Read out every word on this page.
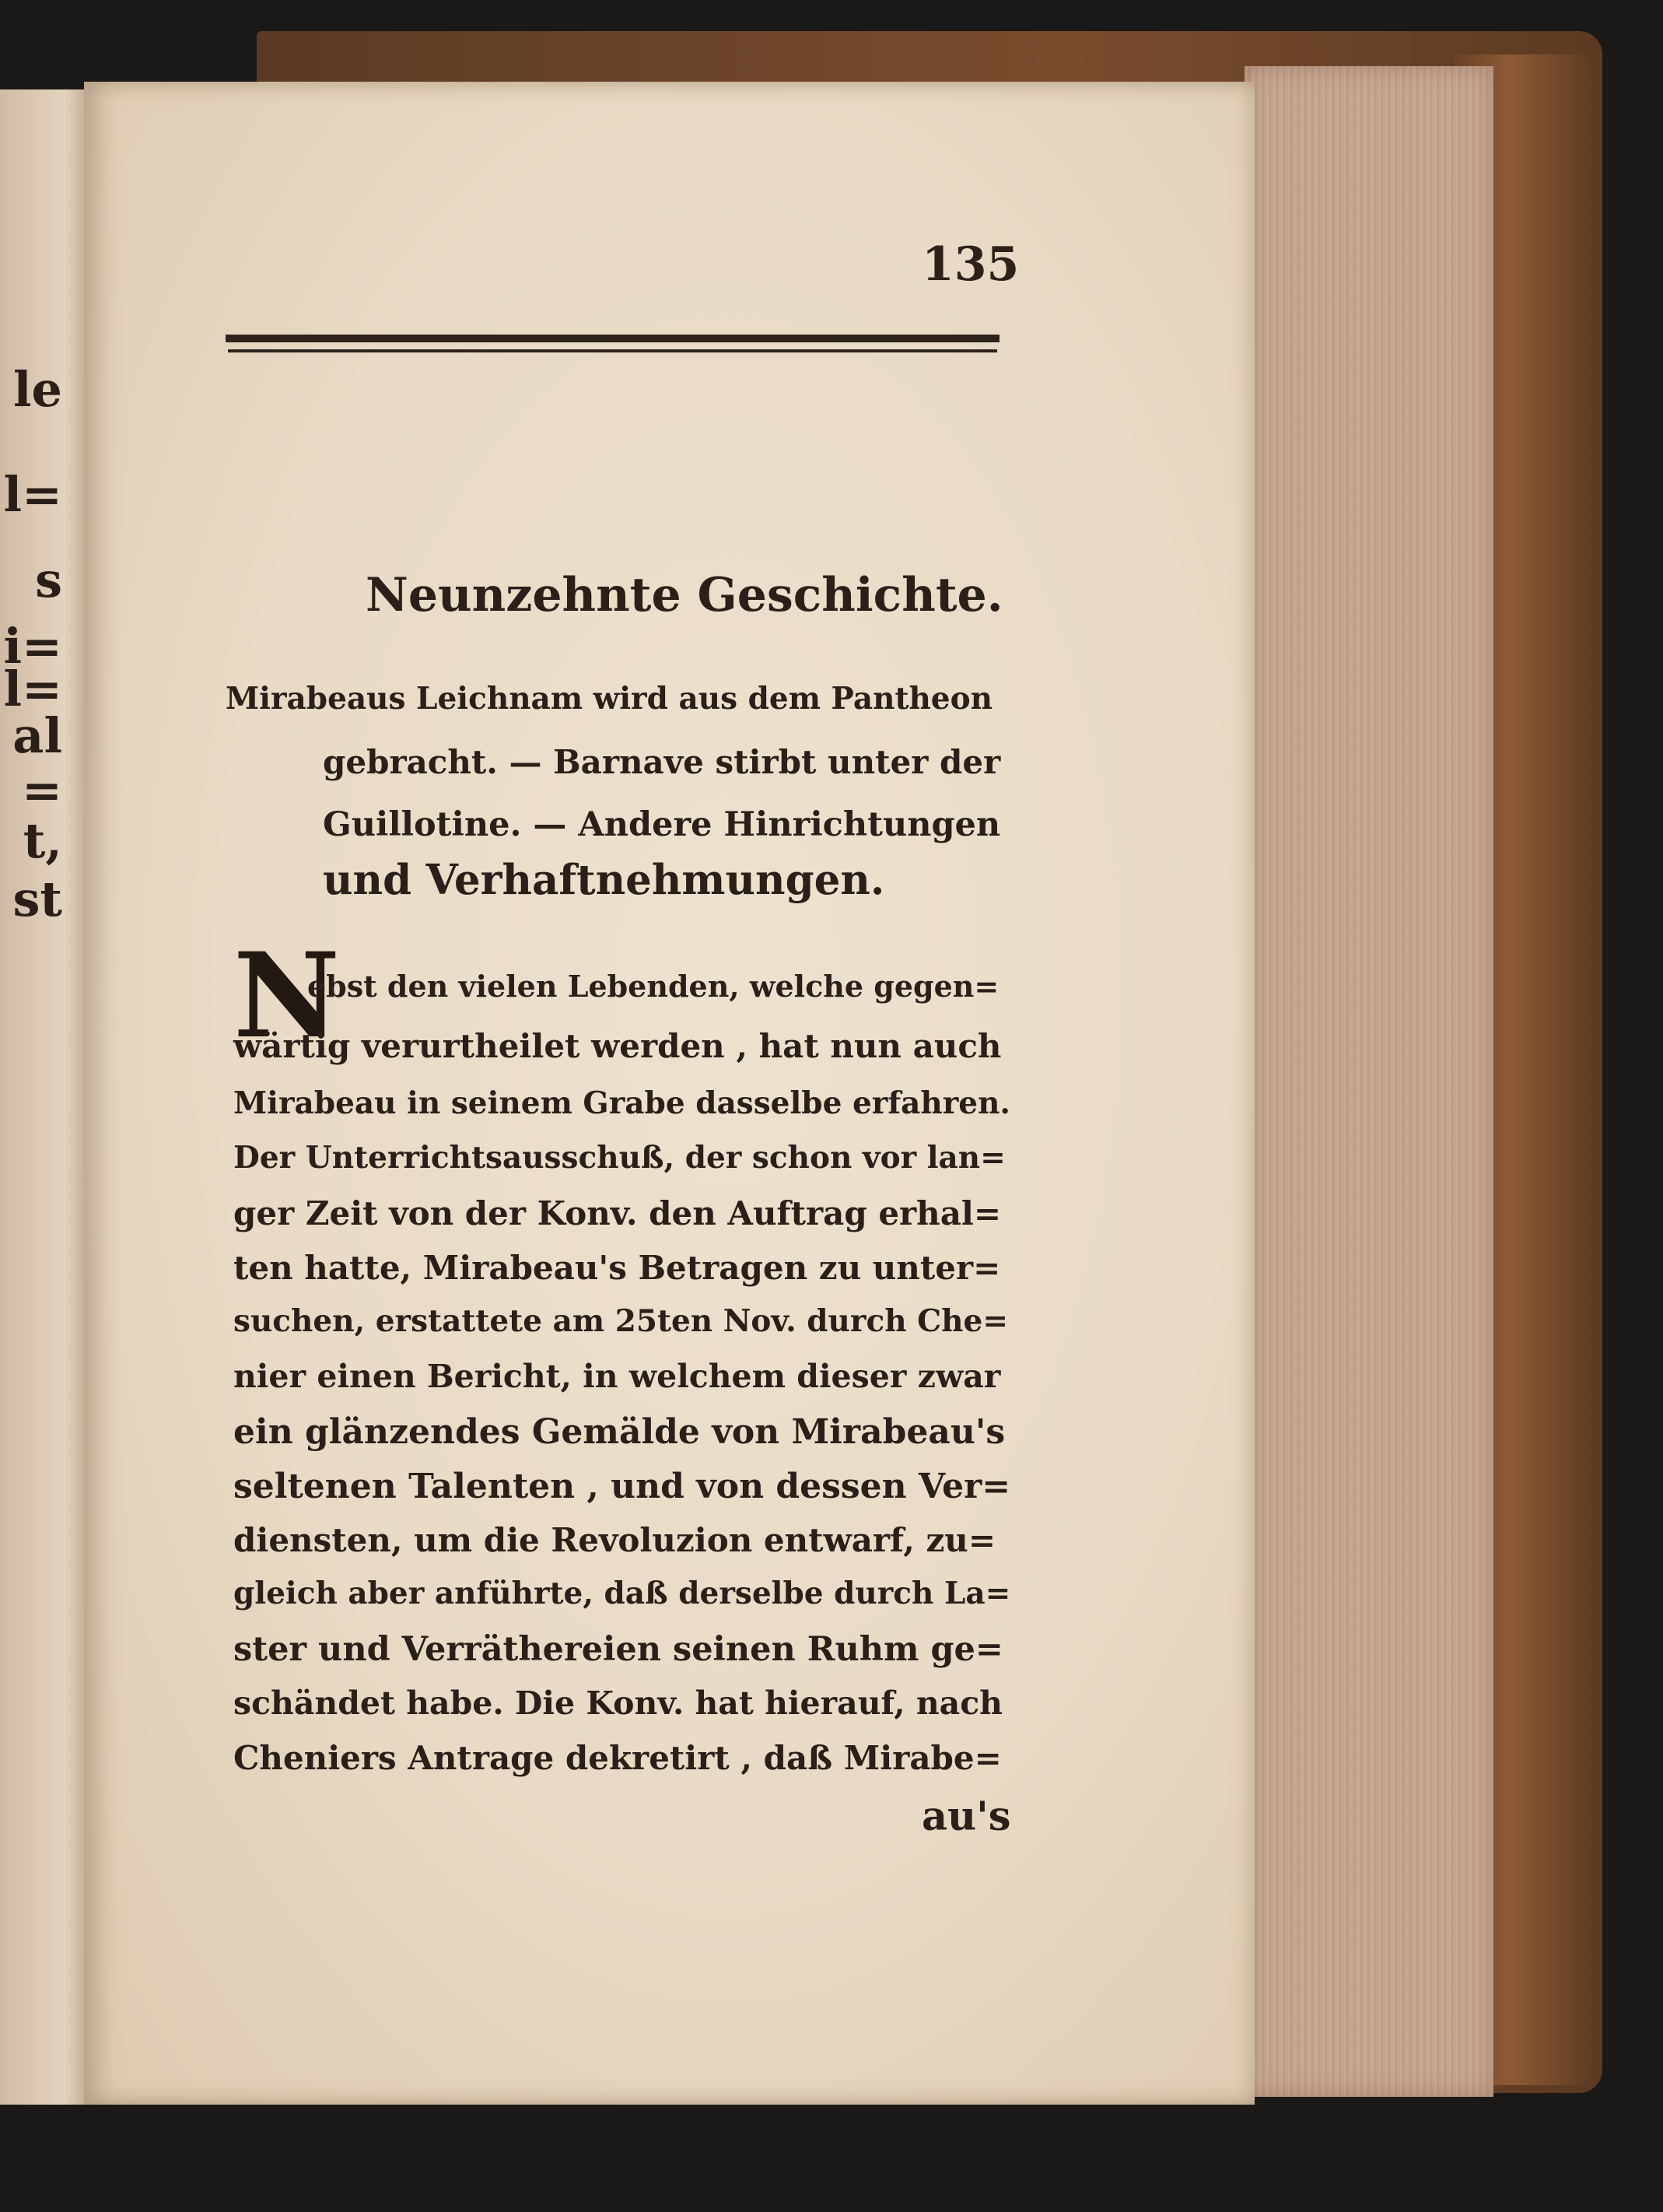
le
l=
s
i=
l=
al
=
t,
st
135
Neunzehnte Geschichte.
Mirabeaus Leichnam wird aus dem Pantheon
gebracht. — Barnave stirbt unter der
Guillotine. — Andere Hinrichtungen
und Verhaftnehmungen.
N
ebst den vielen Lebenden, welche gegen=
wärtig verurtheilet werden , hat nun auch
Mirabeau in seinem Grabe dasselbe erfahren.
Der Unterrichtsausschuß, der schon vor lan=
ger Zeit von der Konv. den Auftrag erhal=
ten hatte, Mirabeau's Betragen zu unter=
suchen, erstattete am 25ten Nov. durch Che=
nier einen Bericht, in welchem dieser zwar
ein glänzendes Gemälde von Mirabeau's
seltenen Talenten , und von dessen Ver=
diensten, um die Revoluzion entwarf, zu=
gleich aber anführte, daß derselbe durch La=
ster und Verräthereien seinen Ruhm ge=
schändet habe. Die Konv. hat hierauf, nach
Cheniers Antrage dekretirt , daß Mirabe=
au's
